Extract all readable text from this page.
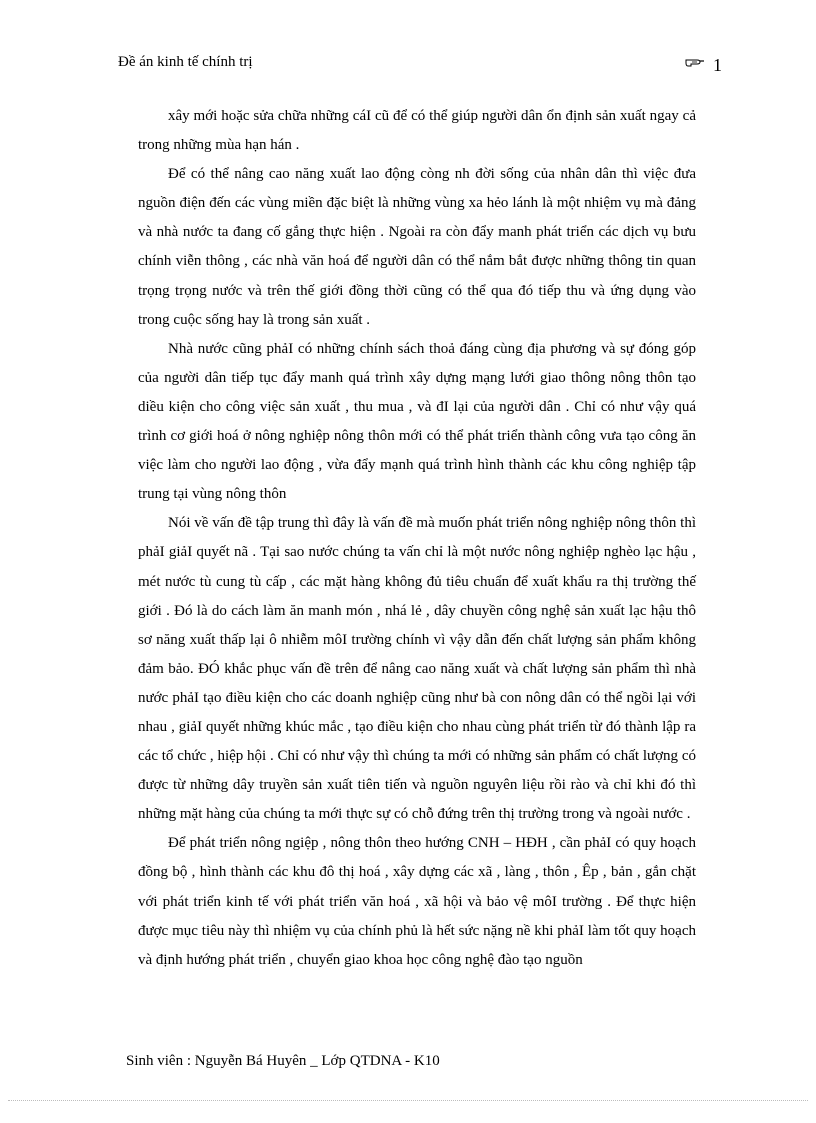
Đề án kinh tế chính trị	1

xây mới hoặc sửa chữa những cáI cũ để có thể giúp người dân ổn định sản xuất ngay cả trong những mùa hạn hán .

Để có thể nâng cao năng xuất lao động còng nh đời sống của nhân dân thì việc đưa nguồn điện đến các vùng miền đặc biệt là những vùng xa hẻo lánh là một nhiệm vụ mà đảng và nhà nước ta đang cố gắng thực hiện . Ngoài ra còn đẩy manh phát triển các dịch vụ bưu chính viễn thông , các nhà văn hoá để người dân có thể nắm bắt được những thông tin quan trọng trọng nước và trên thế giới đồng thời cũng có thể qua đó tiếp thu và ứng dụng vào trong cuộc sống hay là trong sản xuất .

Nhà nước cũng phảI có những chính sách thoả đáng cùng địa phương và sự đóng góp của người dân tiếp tục đẩy manh quá trình xây dựng mạng lưới giao thông nông thôn tạo diều kiện cho công việc sản xuất , thu mua , và đI lại của người dân . Chỉ có như vậy quá trình cơ giới hoá ở nông nghiệp nông thôn mới có thể phát triển thành công vưa tạo công ăn việc làm cho người lao động , vừa đẩy mạnh quá trình hình thành các khu công nghiệp tập trung tại vùng nông thôn

Nói về vấn đề tập trung thì đây là vấn đề mà muốn phát triển nông nghiệp nông thôn thì phảI giảI quyết nã . Tại sao nước chúng ta vấn chỉ là một nước nông nghiệp nghèo lạc hậu , mét nước tù cung tù cấp , các mặt hàng không đủ tiêu chuẩn để xuất khẩu ra thị trường thế giới . Đó là do cách làm ăn manh món , nhá lẻ , dây chuyền công nghệ sản xuất lạc hậu thô sơ năng xuất thấp lại ô nhiễm môI trường chính vì vậy dẫn đến chất lượng sản phẩm không đảm bảo. ĐÓ khắc phục vấn đề trên để nâng cao năng xuất và chất lượng sản phẩm thì nhà nước phảI tạo điều kiện cho các doanh nghiệp cũng như bà con nông dân có thể ngồi lại với nhau , giảI quyết những khúc mắc , tạo điều kiện cho nhau cùng phát triển từ đó thành lập ra các tổ chức , hiệp hội . Chỉ có như vậy thì chúng ta mới có những sản phẩm có chất lượng có được từ những dây truyền sản xuất tiên tiến và nguồn nguyên liệu rồi rào và chỉ khi đó thì những mặt hàng của chúng ta mới thực sự có chỗ đứng trên thị trường trong và ngoài nước .

Để phát triển nông ngiệp , nông thôn theo hướng CNH – HĐH , cần phảI có quy hoạch đồng bộ , hình thành các khu đô thị hoá , xây dựng các xã , làng , thôn , Êp , bản , gắn chặt với phát triển kinh tế với phát triển văn hoá , xã hội và bảo vệ môI trường . Để thực hiện được mục tiêu này thì nhiệm vụ của chính phủ là hết sức nặng nề khi phảI làm tốt quy hoạch và định hướng phát triển , chuyển giao khoa học công nghệ đào tạo nguồn

Sinh viên : Nguyễn Bá Huyên _ Lớp QTDNA - K10
